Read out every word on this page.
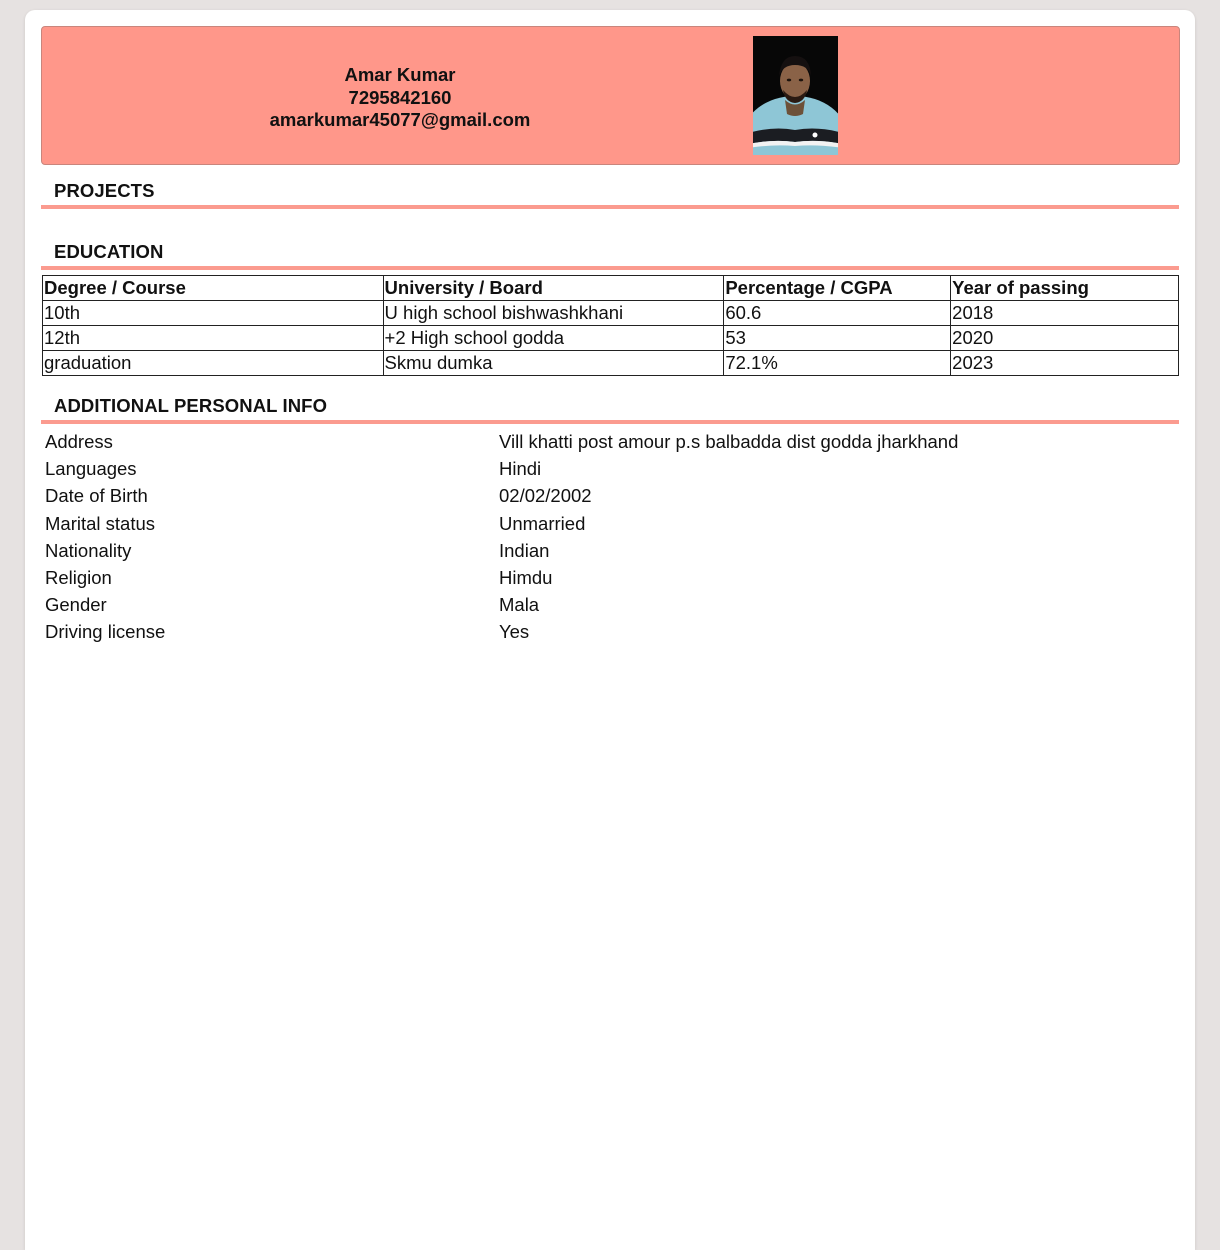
Amar Kumar
7295842160
amarkumar45077@gmail.com
PROJECTS
EDUCATION
Degree / Course	University / Board	Percentage / CGPA	Year of passing
10th	U high school bishwashkhani	60.6	2018
12th	+2 High school godda	53	2020
graduation	Skmu dumka	72.1%	2023
ADDITIONAL PERSONAL INFO
Address	Vill khatti post amour p.s balbadda dist godda jharkhand
Languages	Hindi
Date of Birth	02/02/2002
Marital status	Unmarried
Nationality	Indian
Religion	Himdu
Gender	Mala
Driving license	Yes
